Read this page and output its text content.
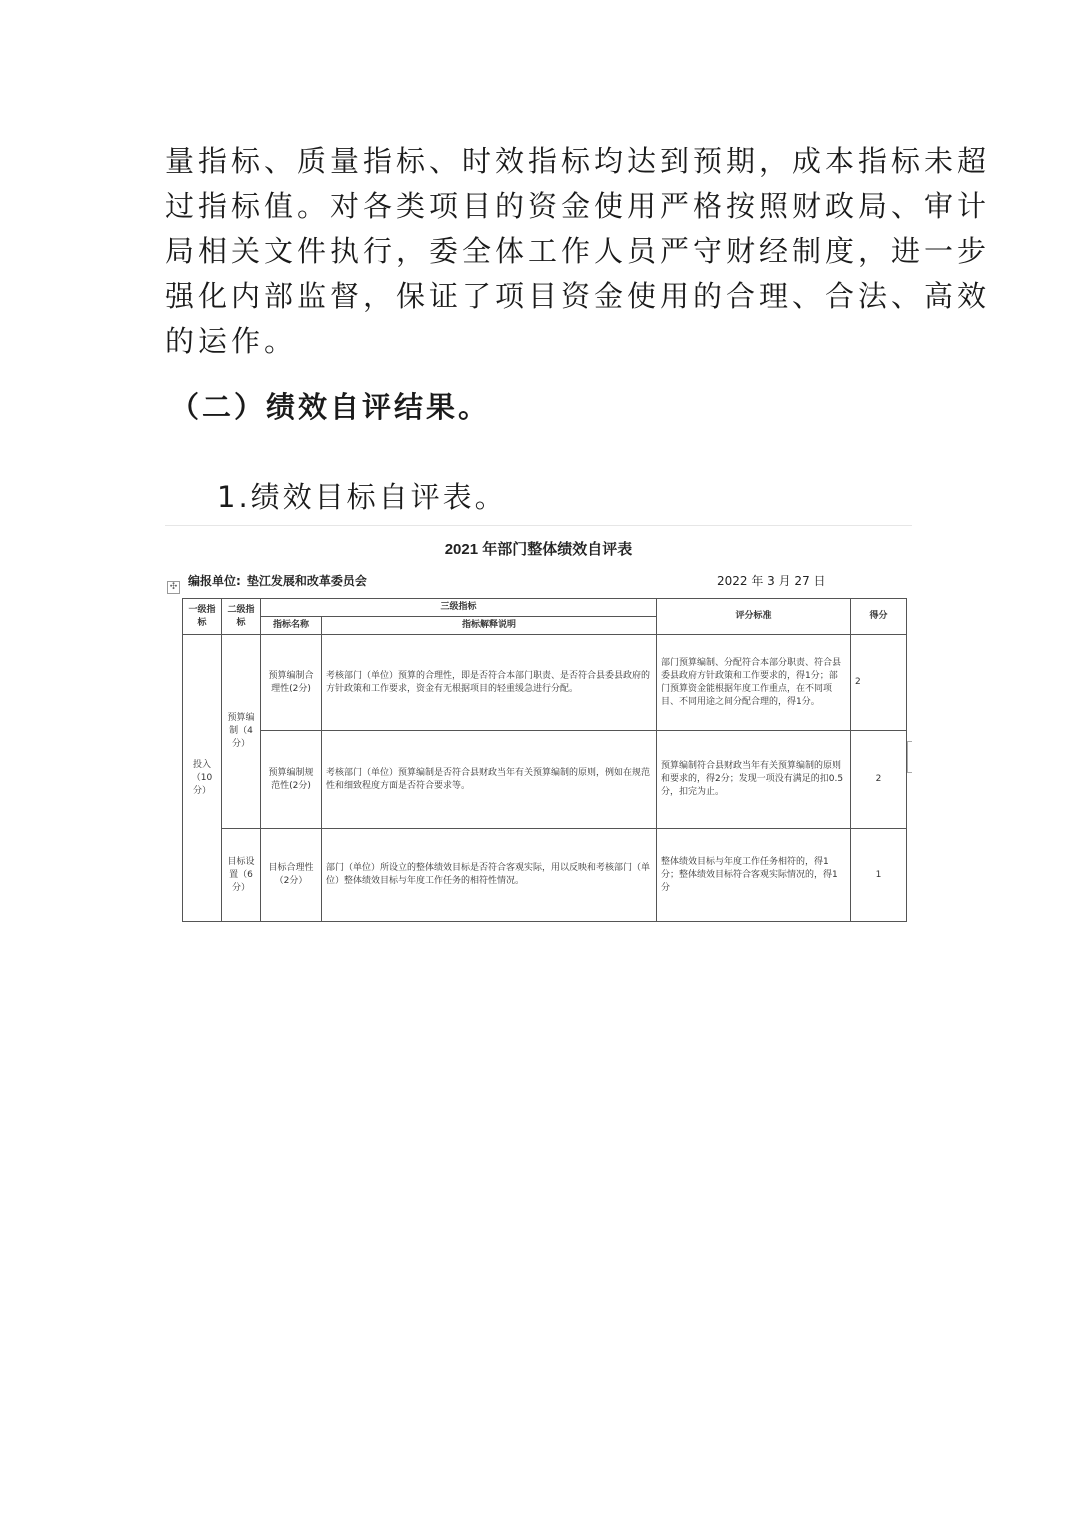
量指标、质量指标、时效指标均达到预期，成本指标未超
过指标值。对各类项目的资金使用严格按照财政局、审计
局相关文件执行，委全体工作人员严守财经制度，进一步
强化内部监督，保证了项目资金使用的合理、合法、高效
的运作。
（二）绩效自评结果。
1.绩效目标自评表。
2021 年部门整体绩效自评表
✣ 编报单位: 垫江发展和改革委员会	2022 年 3 月 27 日
一级指标	二级指标	三级指标		评分标准	得分
		指标名称	指标解释说明		
投入（10分）	预算编制（4分）	预算编制合理性(2分)	考核部门（单位）预算的合理性，即是否符合本部门职责、是否符合县委县政府的方针政策和工作要求，资金有无根据项目的轻重缓急进行分配。	部门预算编制、分配符合本部分职责、符合县委县政府方针政策和工作要求的，得1分；部门预算资金能根据年度工作重点，在不同项目、不同用途之间分配合理的，得1分。	2
		预算编制规范性(2分)	考核部门（单位）预算编制是否符合县财政当年有关预算编制的原则，例如在规范性和细致程度方面是否符合要求等。	预算编制符合县财政当年有关预算编制的原则和要求的，得2分；发现一项没有满足的扣0.5分，扣完为止。	2
	目标设置（6分）	目标合理性（2分）	部门（单位）所设立的整体绩效目标是否符合客观实际，用以反映和考核部门（单位）整体绩效目标与年度工作任务的相符性情况。	整体绩效目标与年度工作任务相符的，得1分；整体绩效目标符合客观实际情况的，得1分	1
